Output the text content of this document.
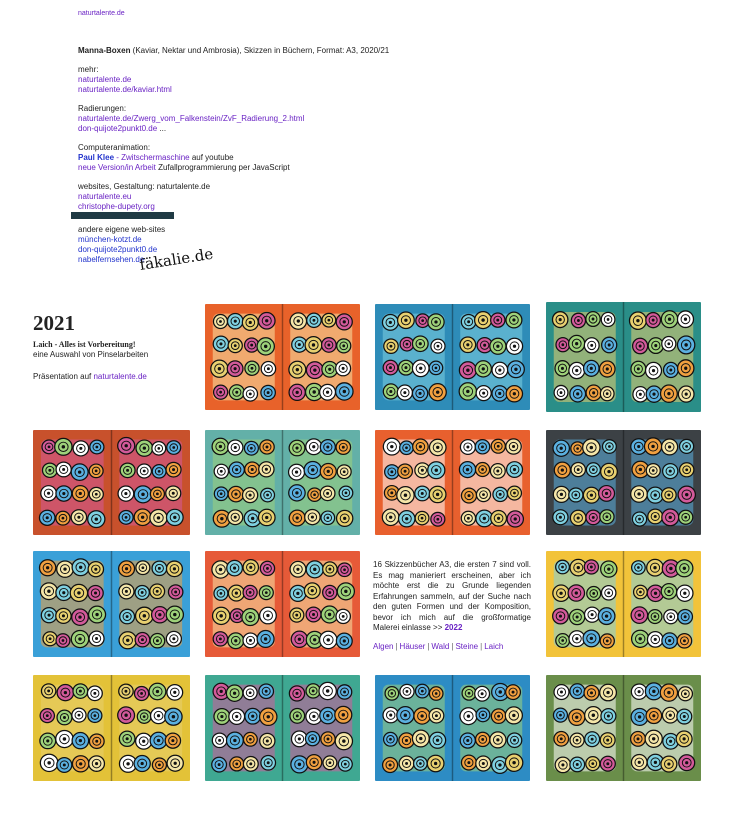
naturtalente.de

Manna-Boxen (Kaviar, Nektar und Ambrosia), Skizzen in Büchern, Format: A3, 2020/21

mehr:
naturtalente.de
naturtalente.de/kaviar.html

Radierungen:
naturtalente.de/Zwerg_vom_Falkenstein/ZvF_Radierung_2.html
don-quijote2punkt0.de ...

Computeranimation:
Paul Klee - Zwitschermaschine auf youtube
neue Version/in Arbeit Zufallprogrammierung per JavaScript

websites, Gestaltung: naturtalente.de
naturtalente.eu
christophe-dupety.org

andere eigene web-sites
münchen-kotzt.de
don-quijote2punkt0.de
nabelfernsehen.de

fäkalie.de
2021
Laich - Alles ist Vorbereitung!
eine Auswahl von Pinselarbeiten
Präsentation auf naturtalente.de
16 Skizzenbücher A3, die ersten 7 sind voll. Es mag manieriert erscheinen, aber ich möchte erst die zu Grunde liegenden Erfahrungen sammeln, auf der Suche nach den guten Formen und der Komposition, bevor ich mich auf die großformatige Malerei einlasse >> 2022
Algen | Häuser | Wald | Steine | Laich
